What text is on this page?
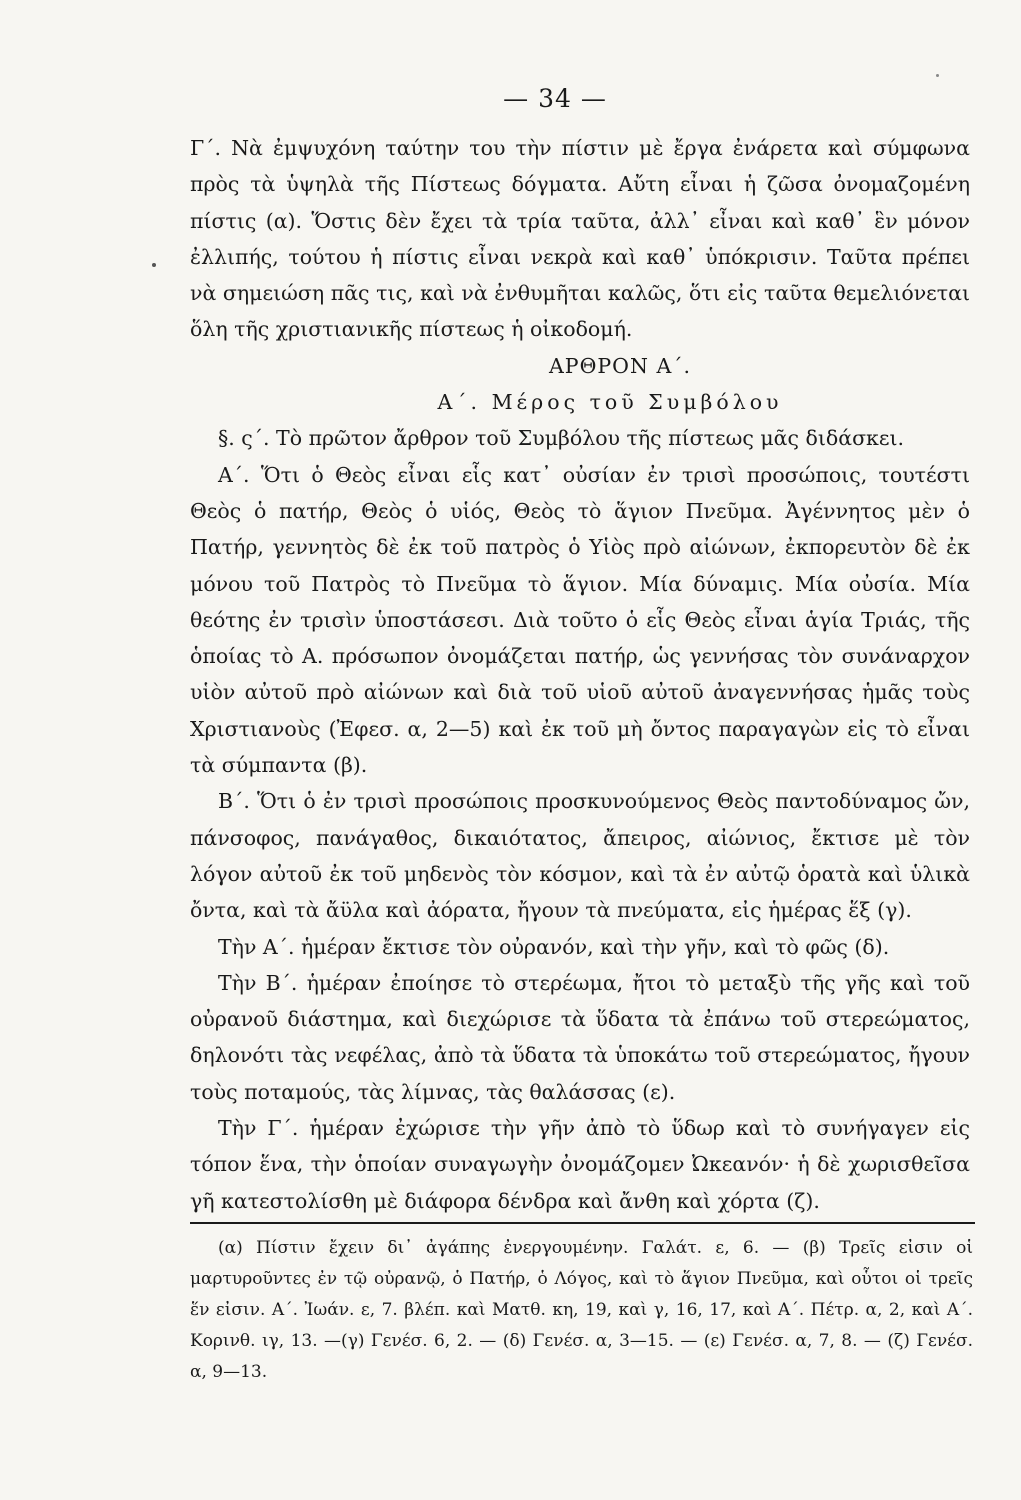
— 34 —

Γ΄. Νὰ ἐμψυχόνη ταύτην του τὴν πίστιν μὲ ἔργα ἐνάρετα καὶ σύμφωνα πρὸς τὰ ὑψηλὰ τῆς Πίστεως δόγματα. Αὔτη εἶναι ἡ ζῶσα ὀνομαζομένη πίστις (α). Ὅστις δὲν ἔχει τὰ τρία ταῦτα, ἀλλ᾽ εἶναι καὶ καθ᾽ ἓν μόνον ἐλλιπής, τούτου ἡ πίστις εἶναι νεκρὰ καὶ καθ᾽ ὑπόκρισιν. Ταῦτα πρέπει νὰ σημειώση πᾶς τις, καὶ νὰ ἐνθυμῆται καλῶς, ὅτι εἰς ταῦτα θεμελιόνεται ὅλη τῆς χριστιανικῆς πίστεως ἡ οἰκοδομή.

ΑΡΘΡΟΝ Α΄.

Α΄. Μέρος τοῦ Συμβόλου

§. ς΄. Τὸ πρῶτον ἄρθρον τοῦ Συμβόλου τῆς πίστεως μᾶς διδάσκει.

Α΄. Ὅτι ὁ Θεὸς εἶναι εἷς κατ᾽ οὐσίαν ἐν τρισὶ προσώποις, τουτέστι Θεὸς ὁ πατήρ, Θεὸς ὁ υἱός, Θεὸς τὸ ἅγιον Πνεῦμα. Ἀγέννητος μὲν ὁ Πατήρ, γεννητὸς δὲ ἐκ τοῦ πατρὸς ὁ Υἱὸς πρὸ αἰώνων, ἐκπορευτὸν δὲ ἐκ μόνου τοῦ Πατρὸς τὸ Πνεῦμα τὸ ἅγιον. Μία δύναμις. Μία οὐσία. Μία θεότης ἐν τρισὶν ὑποστάσεσι. Διὰ τοῦτο ὁ εἷς Θεὸς εἶναι ἁγία Τριάς, τῆς ὁποίας τὸ Α. πρόσωπον ὀνομάζεται πατήρ, ὡς γεννήσας τὸν συνάναρχον υἱὸν αὐτοῦ πρὸ αἰώνων καὶ διὰ τοῦ υἱοῦ αὐτοῦ ἀναγεννήσας ἡμᾶς τοὺς Χριστιανοὺς (Ἐφεσ. α, 2—5) καὶ ἐκ τοῦ μὴ ὄντος παραγαγὼν εἰς τὸ εἶναι τὰ σύμπαντα (β).

Β΄. Ὅτι ὁ ἐν τρισὶ προσώποις προσκυνούμενος Θεὸς παντοδύναμος ὤν, πάνσοφος, πανάγαθος, δικαιότατος, ἄπειρος, αἰώνιος, ἔκτισε μὲ τὸν λόγον αὐτοῦ ἐκ τοῦ μηδενὸς τὸν κόσμον, καὶ τὰ ἐν αὐτῷ ὁρατὰ καὶ ὑλικὰ ὄντα, καὶ τὰ ἄϋλα καὶ ἀόρατα, ἤγουν τὰ πνεύματα, εἰς ἡμέρας ἕξ (γ).

Τὴν Α΄. ἡμέραν ἔκτισε τὸν οὐρανόν, καὶ τὴν γῆν, καὶ τὸ φῶς (δ).

Τὴν Β΄. ἡμέραν ἐποίησε τὸ στερέωμα, ἤτοι τὸ μεταξὺ τῆς γῆς καὶ τοῦ οὐρανοῦ διάστημα, καὶ διεχώρισε τὰ ὕδατα τὰ ἐπάνω τοῦ στερεώματος, δηλονότι τὰς νεφέλας, ἀπὸ τὰ ὕδατα τὰ ὑποκάτω τοῦ στερεώματος, ἤγουν τοὺς ποταμούς, τὰς λίμνας, τὰς θαλάσσας (ε).

Τὴν Γ΄. ἡμέραν ἐχώρισε τὴν γῆν ἀπὸ τὸ ὕδωρ καὶ τὸ συνήγαγεν εἰς τόπον ἕνα, τὴν ὁποίαν συναγωγὴν ὀνομάζομεν Ὠκεανόν· ἡ δὲ χωρισθεῖσα γῆ κατεστολίσθη μὲ διάφορα δένδρα καὶ ἄνθη καὶ χόρτα (ζ).

(α) Πίστιν ἔχειν δι᾽ ἀγάπης ἐνεργουμένην. Γαλάτ. ε, 6. — (β) Τρεῖς εἰσιν οἱ μαρτυροῦντες ἐν τῷ οὐρανῷ, ὁ Πατήρ, ὁ Λόγος, καὶ τὸ ἅγιον Πνεῦμα, καὶ οὗτοι οἱ τρεῖς ἕν εἰσιν. Α΄. Ἰωάν. ε, 7. βλέπ. καὶ Ματθ. κη, 19, καὶ γ, 16, 17, καὶ Α΄. Πέτρ. α, 2, καὶ Α΄. Κορινθ. ιγ, 13. —(γ) Γενέσ. 6, 2. — (δ) Γενέσ. α, 3—15. — (ε) Γενέσ. α, 7, 8. — (ζ) Γενέσ. α, 9—13.
